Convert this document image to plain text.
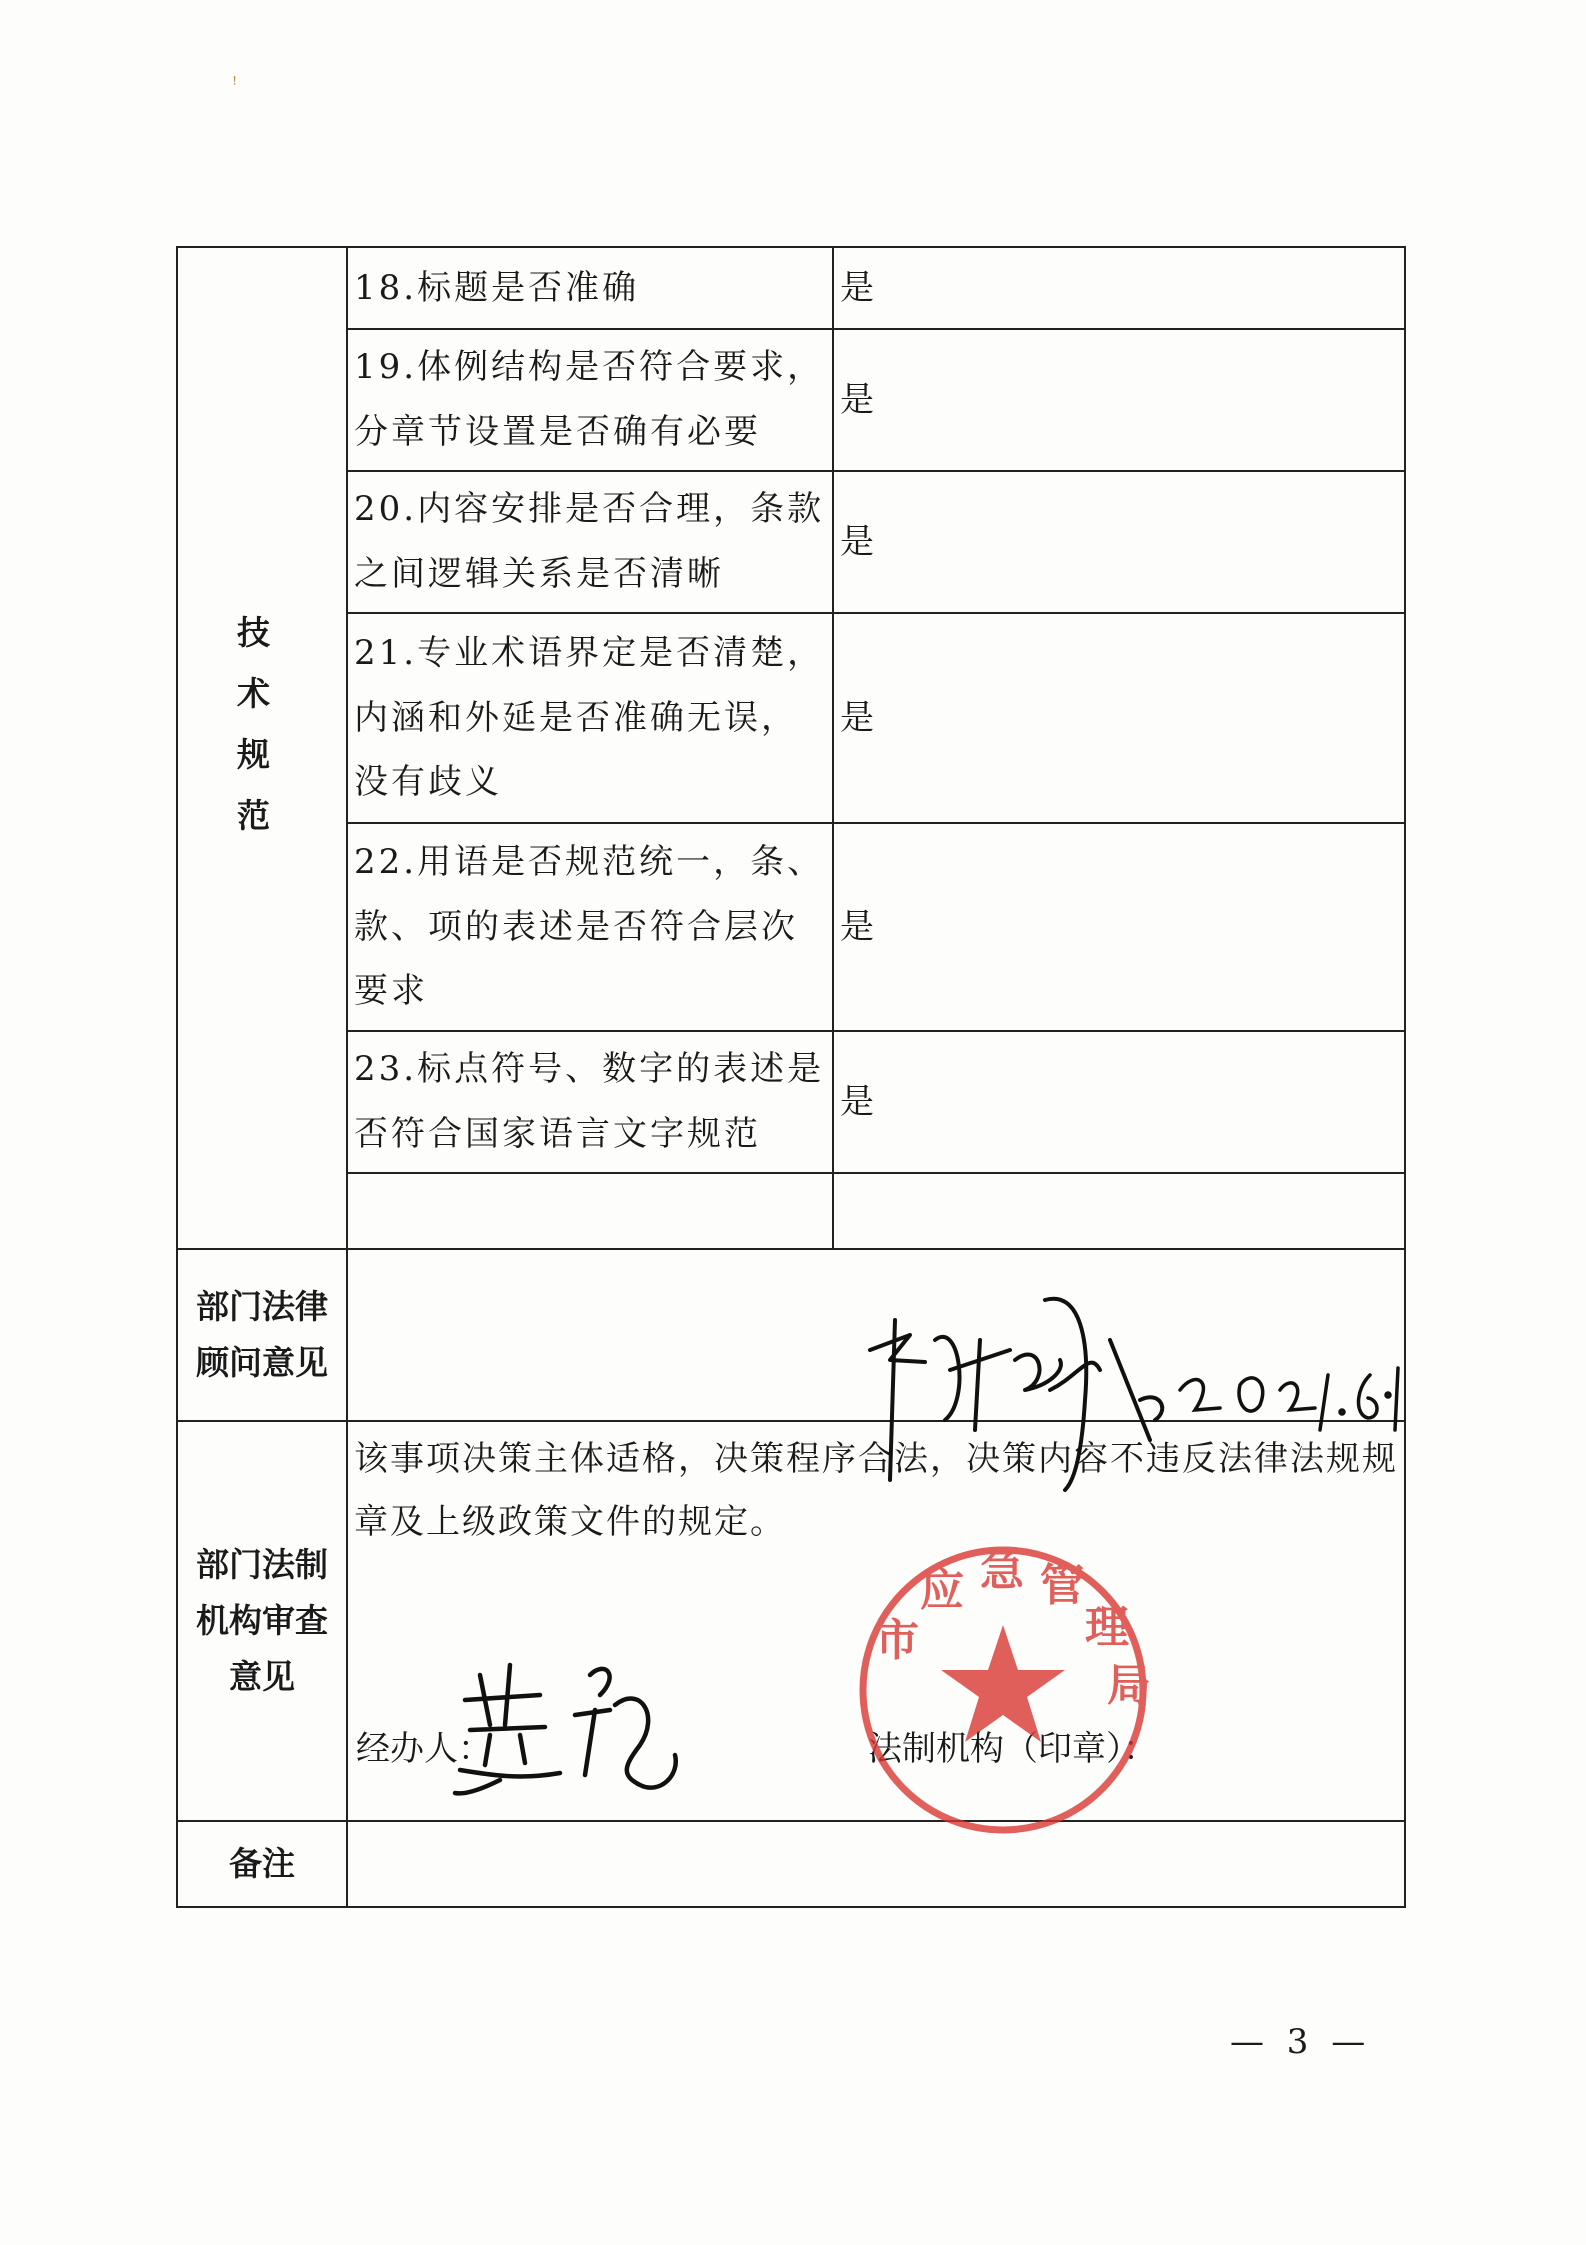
ꜝ
技术规范	18.标题是否准确	是
	19.体例结构是否符合要求，分章节设置是否确有必要	是
	20.内容安排是否合理，条款之间逻辑关系是否清晰	是
	21.专业术语界定是否清楚，内涵和外延是否准确无误，没有歧义	是
	22.用语是否规范统一，条、款、项的表述是否符合层次要求	是
	23.标点符号、数字的表述是否符合国家语言文字规范	是

部门法律顾问意见		

部门法制机构审查意见	该事项决策主体适格，决策程序合法，决策内容不违反法律法规规章及上级政策文件的规定。
经办人： 法制机构（印章）：	

备注		

市 应 急 管 理 局
— 3 —
